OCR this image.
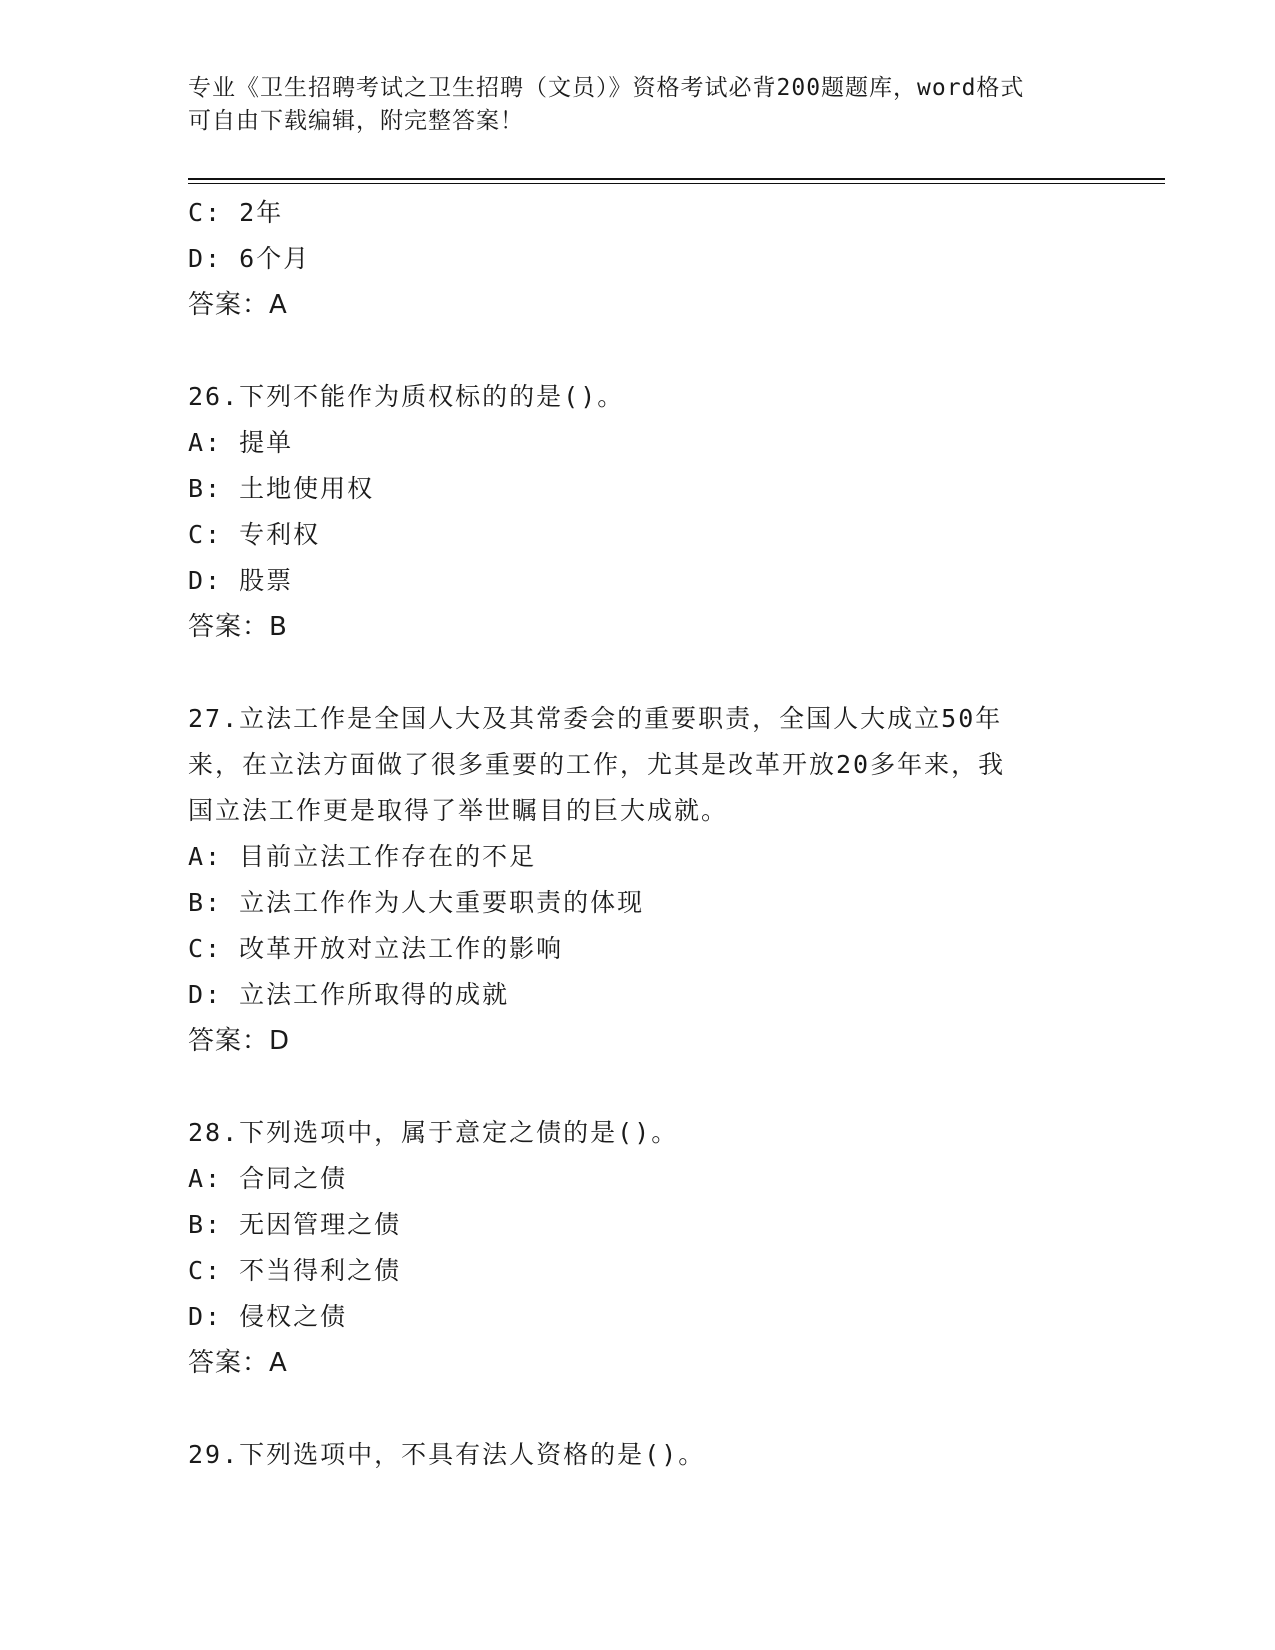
专业《卫生招聘考试之卫生招聘（文员）》资格考试必背200题题库，word格式
可自由下载编辑，附完整答案！
C: 2年
D: 6个月
答案：A
26.下列不能作为质权标的的是()。
A: 提单
B: 土地使用权
C: 专利权
D: 股票
答案：B
27.立法工作是全国人大及其常委会的重要职责，全国人大成立50年
来，在立法方面做了很多重要的工作，尤其是改革开放20多年来，我
国立法工作更是取得了举世瞩目的巨大成就。
A: 目前立法工作存在的不足
B: 立法工作作为人大重要职责的体现
C: 改革开放对立法工作的影响
D: 立法工作所取得的成就
答案：D
28.下列选项中，属于意定之债的是()。
A: 合同之债
B: 无因管理之债
C: 不当得利之债
D: 侵权之债
答案：A
29.下列选项中，不具有法人资格的是()。
